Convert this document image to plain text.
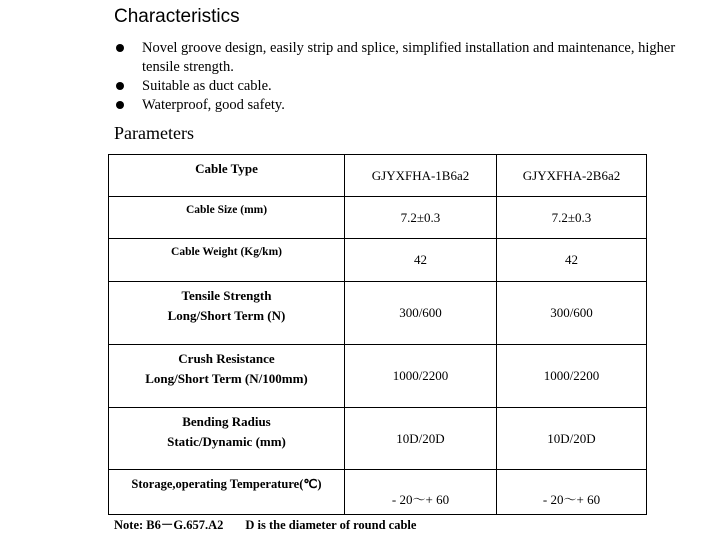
Characteristics
Novel groove design, easily strip and splice, simplified installation and maintenance, higher tensile strength.
Suitable as duct cable.
Waterproof, good safety.
Parameters
Cable Type	GJYXFHA-1B6a2	GJYXFHA-2B6a2
Cable Size (mm)	7.2±0.3	7.2±0.3
Cable Weight (Kg/km)	42	42

Tensile Strength
Long/Short Term (N)	300/600	300/600

Crush Resistance
Long/Short Term (N/100mm)	1000/2200	1000/2200

Bending Radius
Static/Dynamic (mm)	10D/20D	10D/20D
Storage,operating Temperature(℃)	- 20～+ 60	- 20～+ 60
Note: B6－G.657.A2 D is the diameter of round cable
